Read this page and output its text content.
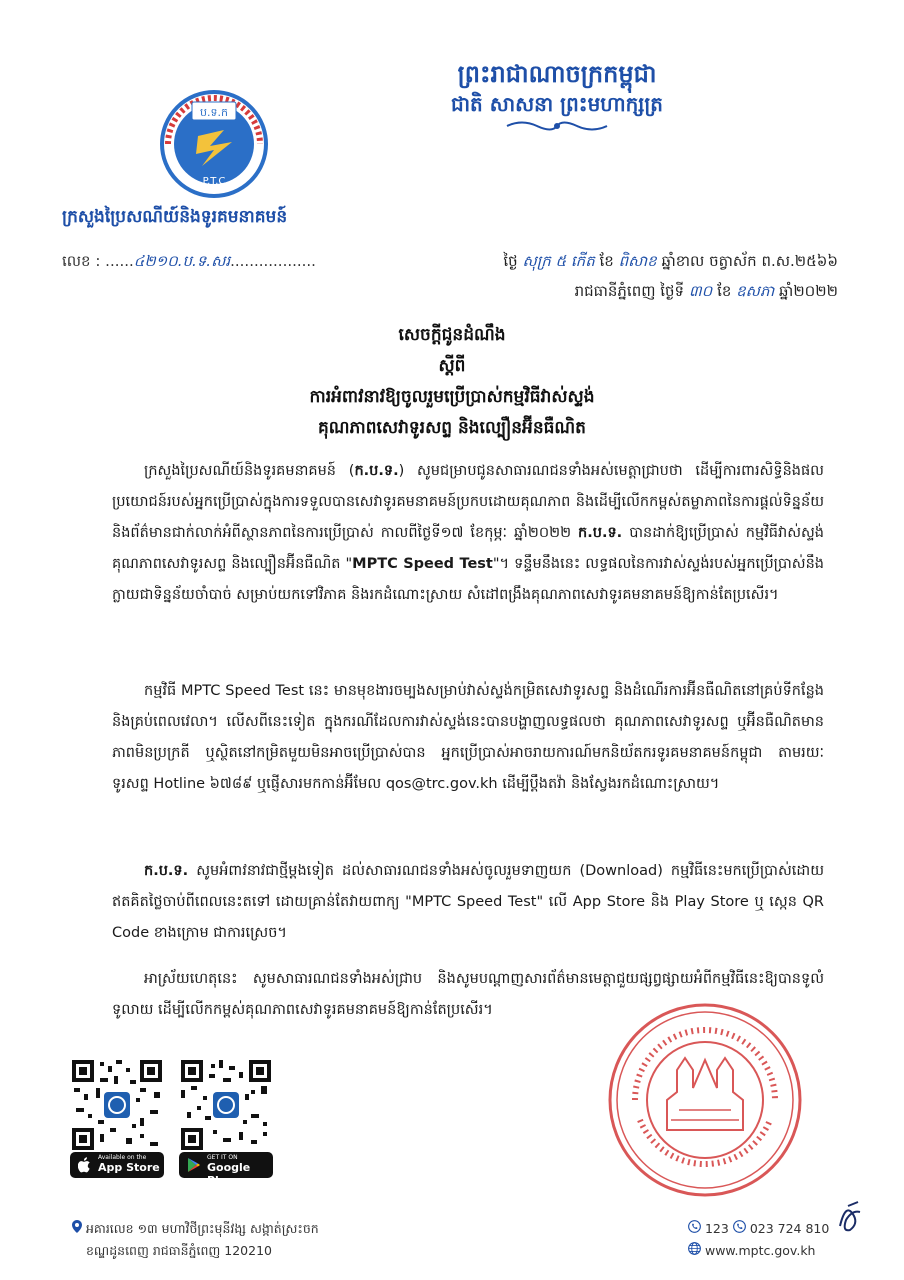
ព្រះរាជាណាចក្រកម្ពុជា
ជាតិ សាសនា ព្រះមហាក្សត្រ
ប.ទ.ក
P.T.C
ក្រសួងប្រៃសណីយ៍និងទូរគមនាគមន៍
លេខ : ......៤២១០.ប.ទ.សរ..................	ថ្ងៃ សុក្រ ៥ កើត ខែ ពិសាខ ឆ្នាំខាល ចត្វាស័ក ព.ស.២៥៦៦
រាជធានីភ្នំពេញ ថ្ងៃទី ៣០ ខែ ឧសភា ឆ្នាំ២០២២
សេចក្តីជូនដំណឹង
ស្តីពី
ការអំពាវនាវឱ្យចូលរួមប្រើប្រាស់កម្មវិធីវាស់ស្ទង់
គុណភាពសេវាទូរសព្ទ និងល្បឿនអ៊ីនធឺណិត
ក្រសួងប្រៃសណីយ៍និងទូរគមនាគមន៍ (ក.ប.ទ.) សូមជម្រាបជូនសាធារណជនទាំងអស់មេត្តាជ្រាបថា ដើម្បីការពារសិទ្ធិនិងផលប្រយោជន៍របស់អ្នកប្រើប្រាស់ក្នុងការទទួលបានសេវាទូរគមនាគមន៍ប្រកបដោយគុណភាព និងដើម្បីលើកកម្ពស់តម្លាភាពនៃការផ្តល់ទិន្នន័យនិងព័ត៌មានជាក់លាក់អំពីស្ថានភាពនៃការប្រើប្រាស់ កាលពីថ្ងៃទី១៧ ខែកុម្ភៈ ឆ្នាំ២០២២ ក.ប.ទ. បានដាក់ឱ្យប្រើប្រាស់ កម្មវិធីវាស់ស្ទង់គុណភាពសេវាទូរសព្ទ និងល្បឿនអ៊ីនធឺណិត "MPTC Speed Test"។ ទន្ទឹមនឹងនេះ លទ្ធផលនៃការវាស់ស្ទង់របស់អ្នកប្រើប្រាស់នឹងក្លាយជាទិន្នន័យចាំបាច់ សម្រាប់យកទៅវិភាគ និងរកដំណោះស្រាយ សំដៅពង្រឹងគុណភាពសេវាទូរគមនាគមន៍ឱ្យកាន់តែប្រសើរ។
កម្មវិធី MPTC Speed Test នេះ មានមុខងារចម្បងសម្រាប់វាស់ស្ទង់កម្រិតសេវាទូរសព្ទ និងដំណើរការអ៊ីនធឺណិតនៅគ្រប់ទីកន្លែងនិងគ្រប់ពេលវេលា។ លើសពីនេះទៀត ក្នុងករណីដែលការវាស់ស្ទង់នេះបានបង្ហាញលទ្ធផលថា គុណភាពសេវាទូរសព្ទ ឬអ៊ីនធឺណិតមានភាពមិនប្រក្រតី ឬស្ថិតនៅកម្រិតមួយមិនអាចប្រើប្រាស់បាន អ្នកប្រើប្រាស់អាចរាយការណ៍មកនិយ័តករទូរគមនាគមន៍កម្ពុជា តាមរយៈទូរសព្ទ Hotline ៦៧៨៩ ឬផ្ញើសារមកកាន់អ៊ីមែល qos@trc.gov.kh ដើម្បីប្តឹងតវ៉ា និងស្វែងរកដំណោះស្រាយ។
ក.ប.ទ. សូមអំពាវនាវជាថ្មីម្តងទៀត ដល់សាធារណជនទាំងអស់ចូលរួមទាញយក (Download) កម្មវិធីនេះមកប្រើប្រាស់ដោយឥតគិតថ្លៃចាប់ពីពេលនេះតទៅ ដោយគ្រាន់តែវាយពាក្យ "MPTC Speed Test" លើ App Store និង Play Store ឬ ស្កេន QR Code ខាងក្រោម ជាការស្រេច។
អាស្រ័យហេតុនេះ សូមសាធារណជនទាំងអស់ជ្រាប និងសូមបណ្តាញសារព័ត៌មានមេត្តាជួយផ្សព្វផ្សាយអំពីកម្មវិធីនេះឱ្យបានទូលំទូលាយ ដើម្បីលើកកម្ពស់គុណភាពសេវាទូរគមនាគមន៍ឱ្យកាន់តែប្រសើរ។
Available on the
App Store
GET IT ON
Google Play
អគារលេខ ១៣ មហាវិថីព្រះមុនីវង្ស សង្កាត់ស្រះចក
ខណ្ឌដូនពេញ រាជធានីភ្នំពេញ 120210
123 023 724 810
www.mptc.gov.kh
